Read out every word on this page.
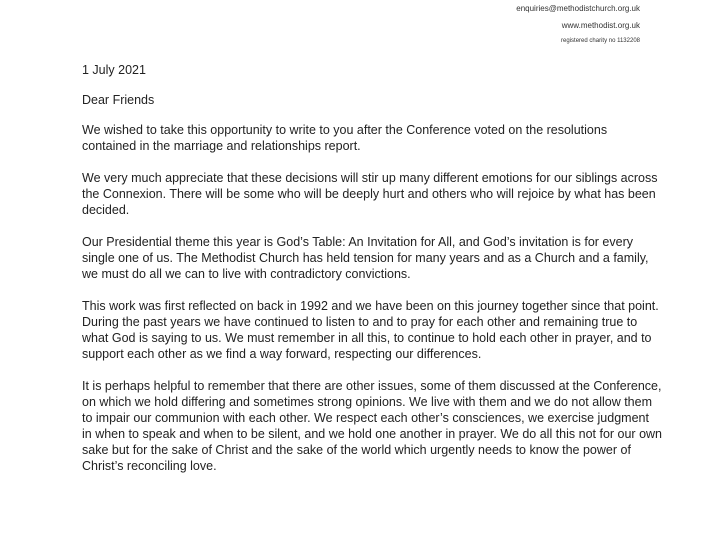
enquiries@methodistchurch.org.uk
www.methodist.org.uk
registered charity no 1132208

1 July 2021

Dear Friends

We wished to take this opportunity to write to you after the Conference voted on the resolutions contained in the marriage and relationships report.

We very much appreciate that these decisions will stir up many different emotions for our siblings across the Connexion. There will be some who will be deeply hurt and others who will rejoice by what has been decided.

Our Presidential theme this year is God’s Table: An Invitation for All, and God’s invitation is for every single one of us. The Methodist Church has held tension for many years and as a Church and a family, we must do all we can to live with contradictory convictions.

This work was first reflected on back in 1992 and we have been on this journey together since that point. During the past years we have continued to listen to and to pray for each other and remaining true to what God is saying to us. We must remember in all this, to continue to hold each other in prayer, and to support each other as we find a way forward, respecting our differences.

It is perhaps helpful to remember that there are other issues, some of them discussed at the Conference, on which we hold differing and sometimes strong opinions. We live with them and we do not allow them to impair our communion with each other. We respect each other’s consciences, we exercise judgment in when to speak and when to be silent, and we hold one another in prayer. We do all this not for our own sake but for the sake of Christ and the sake of the world which urgently needs to know the power of Christ’s reconciling love.
